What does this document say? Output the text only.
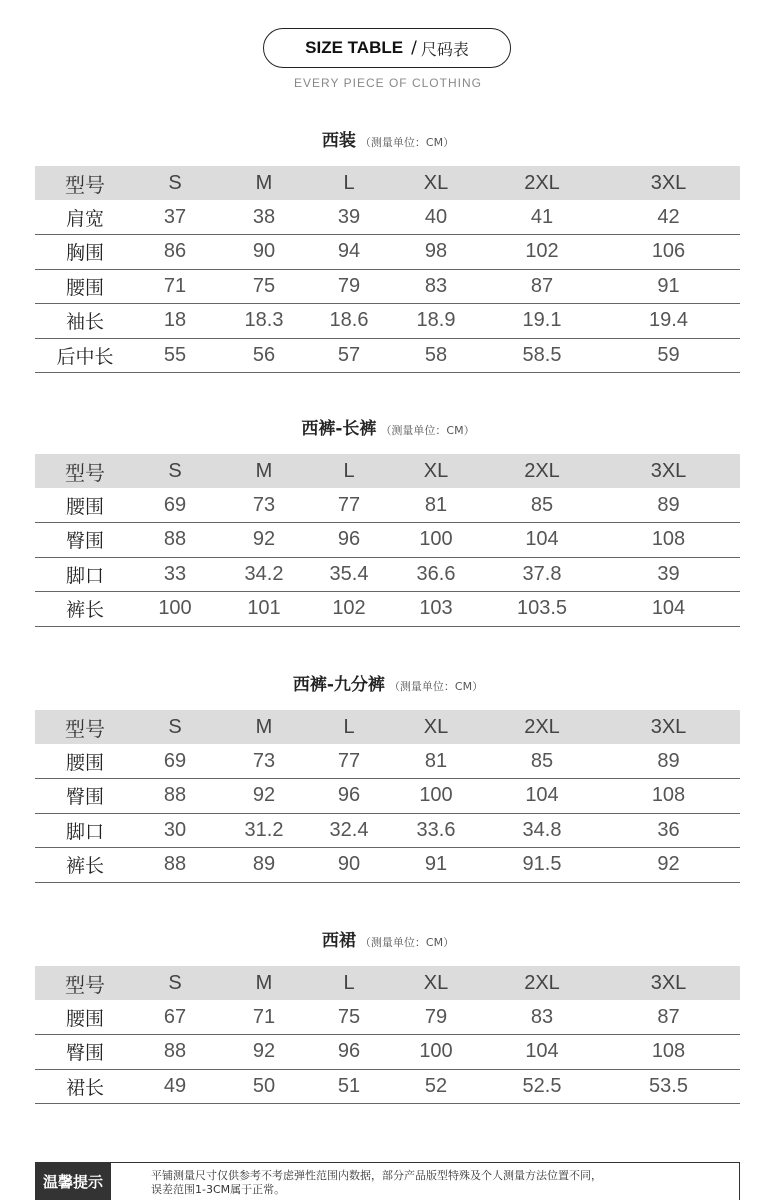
SIZE TABLE / 尺码表
EVERY PIECE OF CLOTHING
西装 （测量单位：CM）
型号	S	M	L	XL	2XL	3XL
肩宽	37	38	39	40	41	42
胸围	86	90	94	98	102	106
腰围	71	75	79	83	87	91
袖长	18	18.3	18.6	18.9	19.1	19.4
后中长	55	56	57	58	58.5	59
西裤-长裤 （测量单位：CM）
型号	S	M	L	XL	2XL	3XL
腰围	69	73	77	81	85	89
臀围	88	92	96	100	104	108
脚口	33	34.2	35.4	36.6	37.8	39
裤长	100	101	102	103	103.5	104
西裤-九分裤 （测量单位：CM）
型号	S	M	L	XL	2XL	3XL
腰围	69	73	77	81	85	89
臀围	88	92	96	100	104	108
脚口	30	31.2	32.4	33.6	34.8	36
裤长	88	89	90	91	91.5	92
西裙 （测量单位：CM）
型号	S	M	L	XL	2XL	3XL
腰围	67	71	75	79	83	87
臀围	88	92	96	100	104	108
裙长	49	50	51	52	52.5	53.5
温馨提示	平铺测量尺寸仅供参考不考虑弹性范围内数据，部分产品版型特殊及个人测量方法位置不同，
误差范围1-3CM属于正常。
